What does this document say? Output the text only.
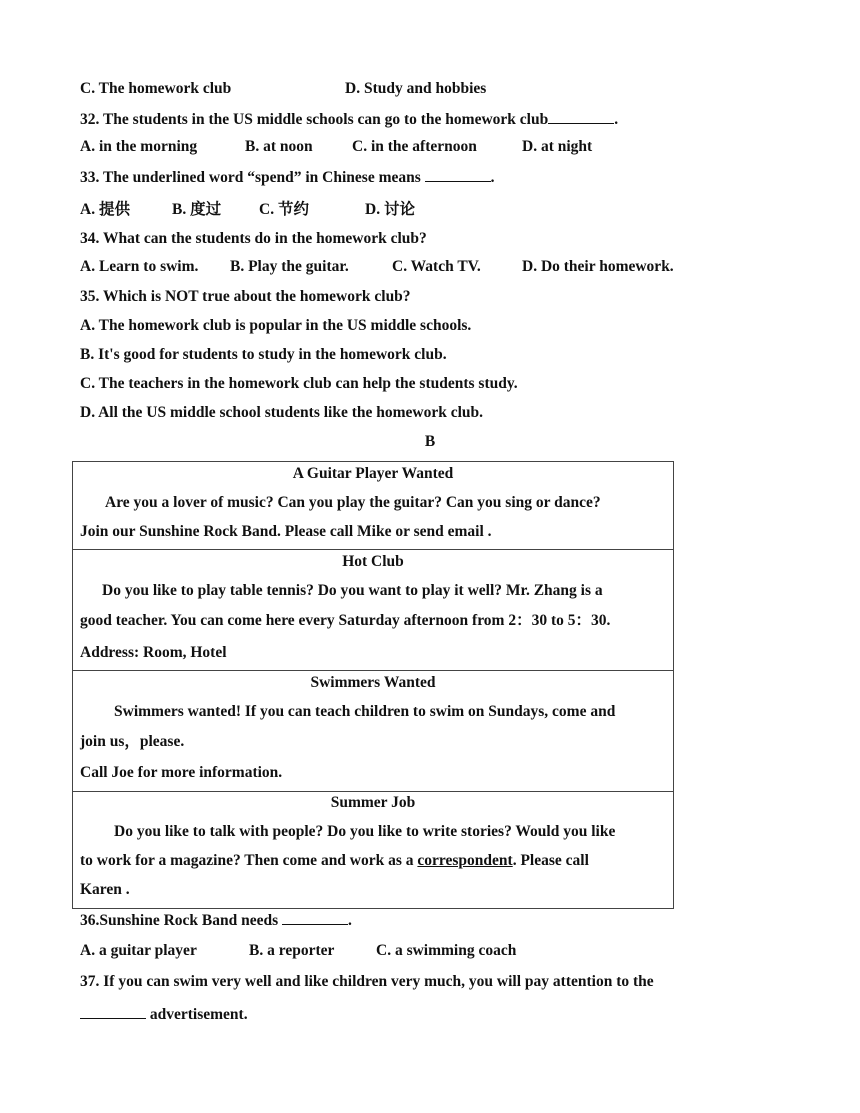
C. The homework club	D. Study and hobbies
32. The students in the US middle schools can go to the homework club	.
A. in the morning	B. at noon	C. in the afternoon	D. at night
33. The underlined word “spend” in Chinese means	.
A. 提供	B. 度过 C. 节约	D. 讨论
34. What can the students do in the homework club?
A. Learn to swim. B. Play the guitar.	C. Watch TV.	D. Do their homework.
35. Which is NOT true about the homework club?
A. The homework club is popular in the US middle schools.
B. It's good for students to study in the homework club.
C. The teachers in the homework club can help the students study.
D. All the US middle school students like the homework club.
B
A Guitar Player Wanted
Are you a lover of music? Can you play the guitar? Can you sing or dance?
Join our Sunshine Rock Band. Please call Mike or send email .
Hot Club
Do you like to play table tennis? Do you want to play it well? Mr. Zhang is a
good teacher. You can come here every Saturday afternoon from 2：30 to 5：30.
Address: Room, Hotel
Swimmers Wanted
Swimmers wanted! If you can teach children to swim on Sundays, come and
join us，please.
Call Joe for more information.
Summer Job
Do you like to talk with people? Do you like to write stories? Would you like
to work for a magazine? Then come and work as a correspondent. Please call
Karen .
36.Sunshine Rock Band needs	.
A. a guitar player	B. a reporter	C. a swimming coach
37. If you can swim very well and like children very much, you will pay attention to the
advertisement.
